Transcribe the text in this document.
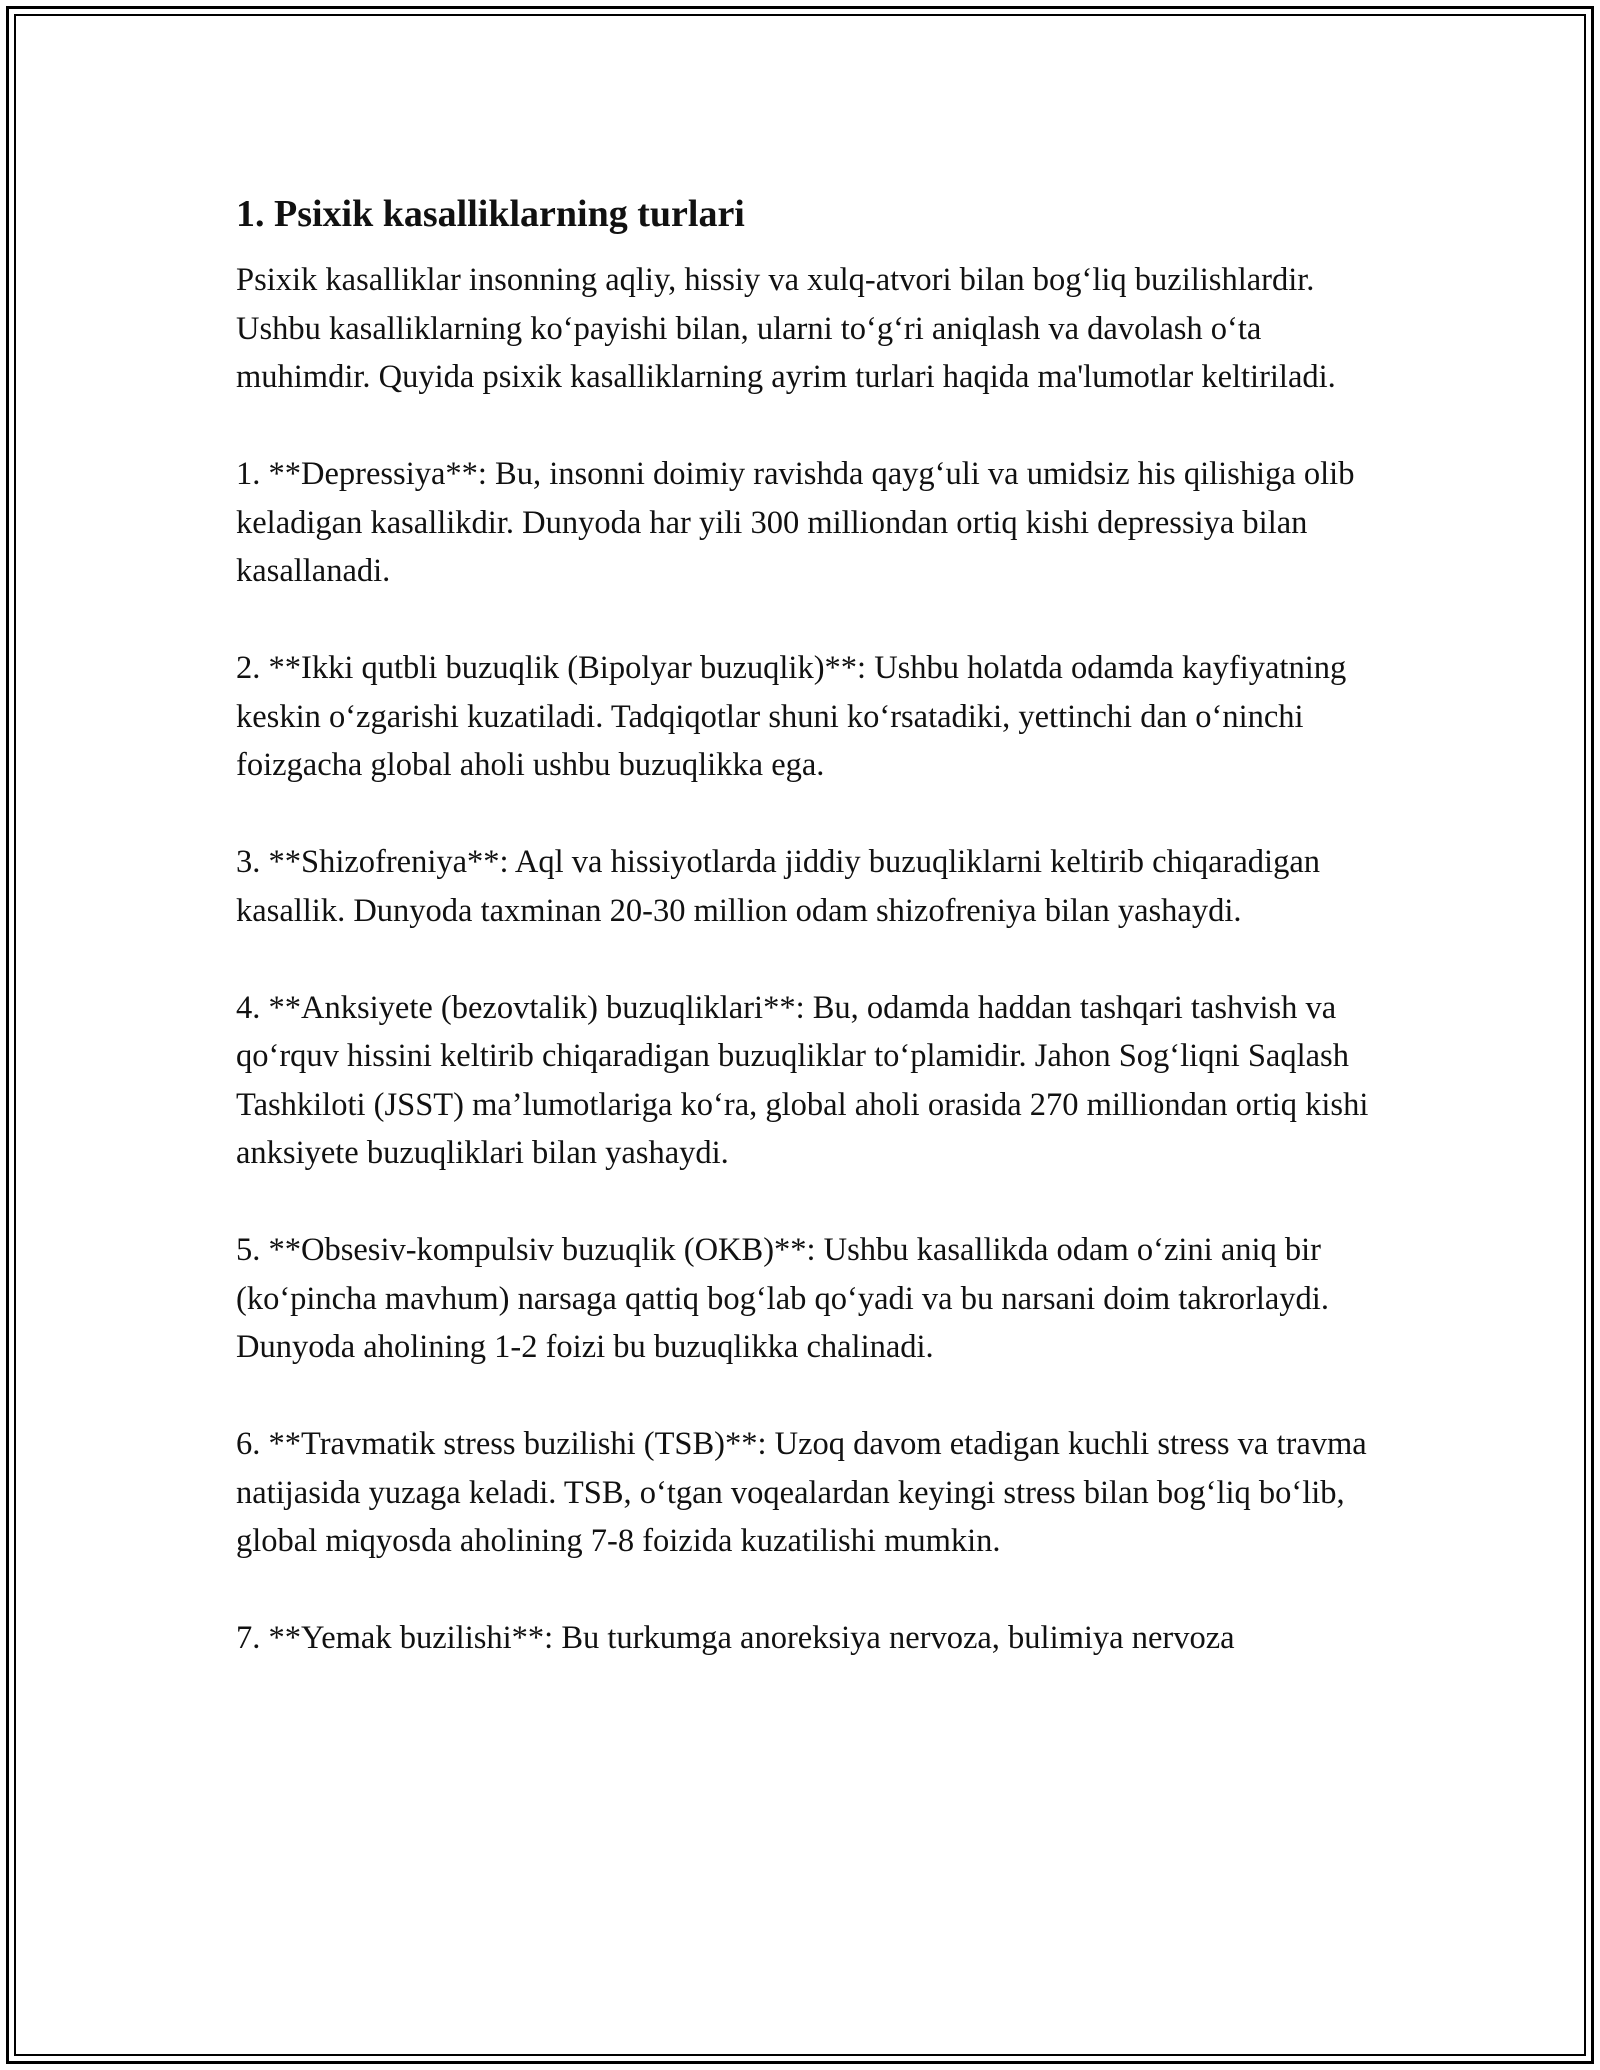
1. Psixik kasalliklarning turlari

Psixik kasalliklar insonning aqliy, hissiy va xulq-atvori bilan bog‘liq buzilishlardir. Ushbu kasalliklarning ko‘payishi bilan, ularni to‘g‘ri aniqlash va davolash o‘ta muhimdir. Quyida psixik kasalliklarning ayrim turlari haqida ma'lumotlar keltiriladi.

1. **Depressiya**: Bu, insonni doimiy ravishda qayg‘uli va umidsiz his qilishiga olib keladigan kasallikdir. Dunyoda har yili 300 milliondan ortiq kishi depressiya bilan kasallanadi.

2. **Ikki qutbli buzuqlik (Bipolyar buzuqlik)**: Ushbu holatda odamda kayfiyatning keskin o‘zgarishi kuzatiladi. Tadqiqotlar shuni ko‘rsatadiki, yettinchi dan o‘ninchi foizgacha global aholi ushbu buzuqlikka ega.

3. **Shizofreniya**: Aql va hissiyotlarda jiddiy buzuqliklarni keltirib chiqaradigan kasallik. Dunyoda taxminan 20-30 million odam shizofreniya bilan yashaydi.

4. **Anksiyete (bezovtalik) buzuqliklari**: Bu, odamda haddan tashqari tashvish va qo‘rquv hissini keltirib chiqaradigan buzuqliklar to‘plamidir. Jahon Sog‘liqni Saqlash Tashkiloti (JSST) ma’lumotlariga ko‘ra, global aholi orasida 270 milliondan ortiq kishi anksiyete buzuqliklari bilan yashaydi.

5. **Obsesiv-kompulsiv buzuqlik (OKB)**: Ushbu kasallikda odam o‘zini aniq bir (ko‘pincha mavhum) narsaga qattiq bog‘lab qo‘yadi va bu narsani doim takrorlaydi. Dunyoda aholining 1-2 foizi bu buzuqlikka chalinadi.

6. **Travmatik stress buzilishi (TSB)**: Uzoq davom etadigan kuchli stress va travma natijasida yuzaga keladi. TSB, o‘tgan voqealardan keyingi stress bilan bog‘liq bo‘lib, global miqyosda aholining 7-8 foizida kuzatilishi mumkin.

7. **Yemak buzilishi**: Bu turkumga anoreksiya nervoza, bulimiya nervoza
